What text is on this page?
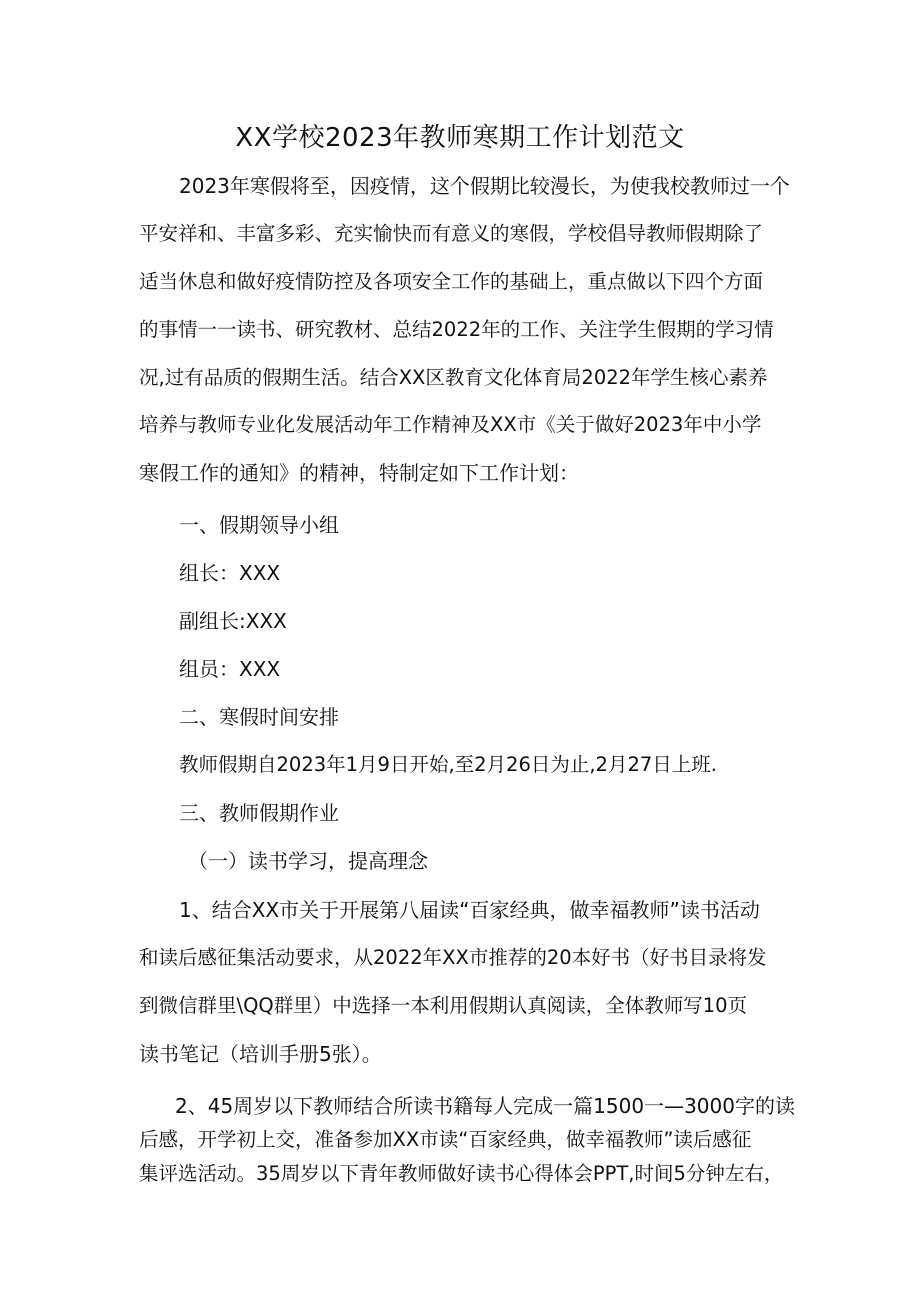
XX学校2023年教师寒期工作计划范文
2023年寒假将至，因疫情，这个假期比较漫长，为使我校教师过一个
平安祥和、丰富多彩、充实愉快而有意义的寒假，学校倡导教师假期除了
适当休息和做好疫情防控及各项安全工作的基础上，重点做以下四个方面
的事情一一读书、研究教材、总结2022年的工作、关注学生假期的学习情
况,过有品质的假期生活。结合XX区教育文化体育局2022年学生核心素养
培养与教师专业化发展活动年工作精神及XX市《关于做好2023年中小学
寒假工作的通知》的精神，特制定如下工作计划：
一、假期领导小组
组长：XXX
副组长:XXX
组员：XXX
二、寒假时间安排
教师假期自2023年1月9日开始,至2月26日为止,2月27日上班.
三、教师假期作业
（一）读书学习，提高理念
1、结合XX市关于开展第八届读“百家经典，做幸福教师”读书活动
和读后感征集活动要求，从2022年XX市推荐的20本好书（好书目录将发
到微信群里\QQ群里）中选择一本利用假期认真阅读，全体教师写10页
读书笔记（培训手册5张）。
2、45周岁以下教师结合所读书籍每人完成一篇1500一—3000字的读
后感，开学初上交，准备参加XX市读“百家经典，做幸福教师”读后感征
集评选活动。35周岁以下青年教师做好读书心得体会PPT,时间5分钟左右，
